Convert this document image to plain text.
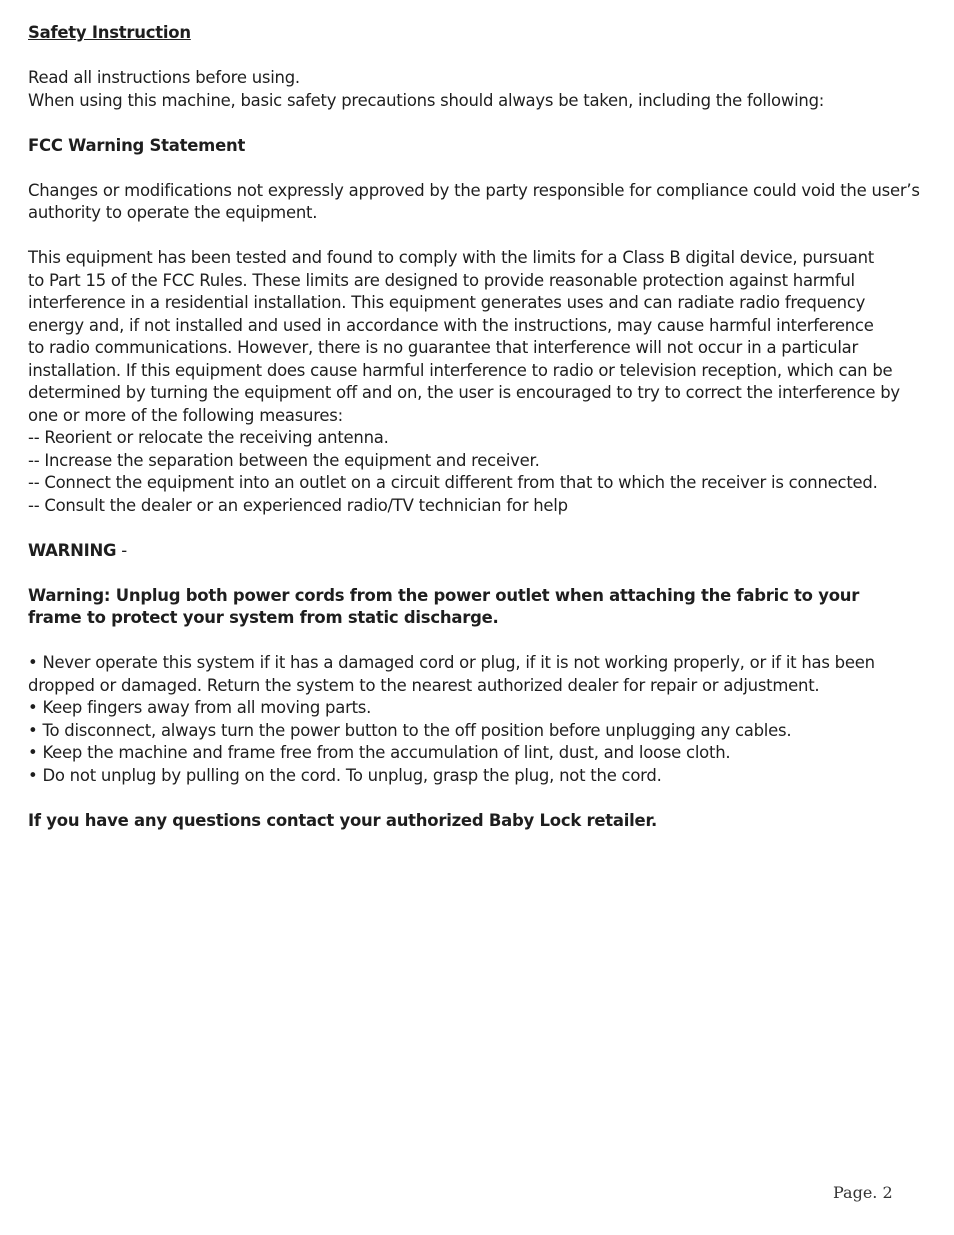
Safety Instruction
Read all instructions before using.
When using this machine, basic safety precautions should always be taken, including the following:
FCC Warning Statement
Changes or modifications not expressly approved by the party responsible for compliance could void the user’s
authority to operate the equipment.
This equipment has been tested and found to comply with the limits for a Class B digital device, pursuant
to Part 15 of the FCC Rules. These limits are designed to provide reasonable protection against harmful
interference in a residential installation. This equipment generates uses and can radiate radio frequency
energy and, if not installed and used in accordance with the instructions, may cause harmful interference
to radio communications. However, there is no guarantee that interference will not occur in a particular
installation. If this equipment does cause harmful interference to radio or television reception, which can be
determined by turning the equipment off and on, the user is encouraged to try to correct the interference by
one or more of the following measures:
-- Reorient or relocate the receiving antenna.
-- Increase the separation between the equipment and receiver.
-- Connect the equipment into an outlet on a circuit different from that to which the receiver is connected.
-- Consult the dealer or an experienced radio/TV technician for help
WARNING -
Warning: Unplug both power cords from the power outlet when attaching the fabric to your
frame to protect your system from static discharge.
• Never operate this system if it has a damaged cord or plug, if it is not working properly, or if it has been
dropped or damaged. Return the system to the nearest authorized dealer for repair or adjustment.
• Keep fingers away from all moving parts.
• To disconnect, always turn the power button to the off position before unplugging any cables.
• Keep the machine and frame free from the accumulation of lint, dust, and loose cloth.
• Do not unplug by pulling on the cord. To unplug, grasp the plug, not the cord.
If you have any questions contact your authorized Baby Lock retailer.
Page. 2
